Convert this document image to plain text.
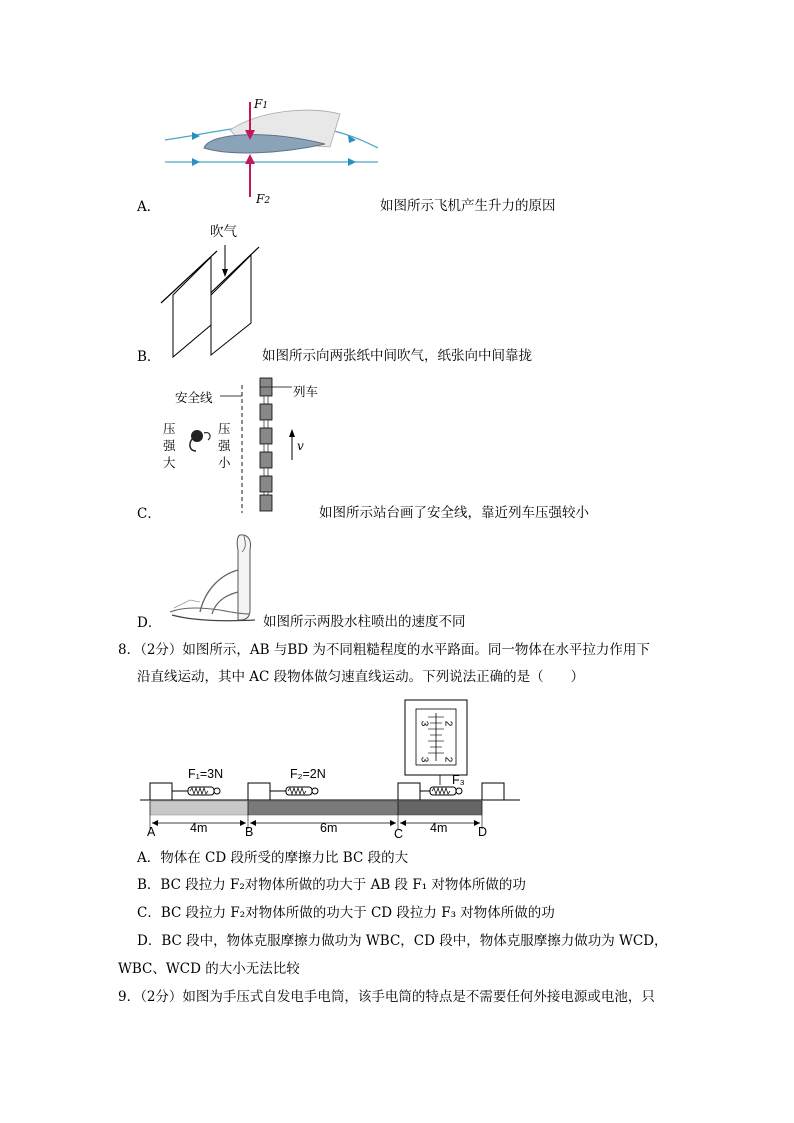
F1
F2
A．	如图所示飞机产生升力的原因
吹气
B．	如图所示向两张纸中间吹气，纸张向中间靠拢
安全线	列车
压
强
大
压
强
小
v
C．	如图所示站台画了安全线，靠近列车压强较小
D．	如图所示两股水柱喷出的速度不同
8．（2分）如图所示，AB 与BD 为不同粗糙程度的水平路面。同一物体在水平拉力作用下
沿直线运动，其中 AC 段物体做匀速直线运动。下列说法正确的是（　　）
3 2
3 2
F₁=3N	F₂=2N	F₃
4m	6m	4m
A	B	C	D
A．物体在 CD 段所受的摩擦力比 BC 段的大
B．BC 段拉力 F₂对物体所做的功大于 AB 段 F₁ 对物体所做的功
C．BC 段拉力 F₂对物体所做的功大于 CD 段拉力 F₃ 对物体所做的功
D．BC 段中，物体克服摩擦力做功为 WBC，CD 段中，物体克服摩擦力做功为 WCD，
WBC、WCD 的大小无法比较
9．（2分）如图为手压式自发电手电筒，该手电筒的特点是不需要任何外接电源或电池，只
